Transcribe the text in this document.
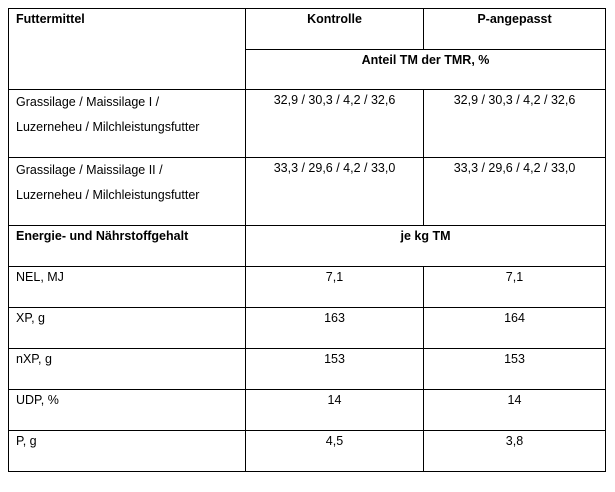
Futtermittel	Kontrolle	P-angepasst
	Anteil TM der TMR, %	

Grassilage / Maissilage I /
Luzerneheu / Milchleistungsfutter	32,9 / 30,3 / 4,2 / 32,6	32,9 / 30,3 / 4,2 / 32,6

Grassilage / Maissilage II /
Luzerneheu / Milchleistungsfutter	33,3 / 29,6 / 4,2 / 33,0	33,3 / 29,6 / 4,2 / 33,0
Energie- und Nährstoffgehalt	je kg TM	
NEL, MJ	7,1	7,1
XP, g	163	164
nXP, g	153	153
UDP, %	14	14
P, g	4,5	3,8
